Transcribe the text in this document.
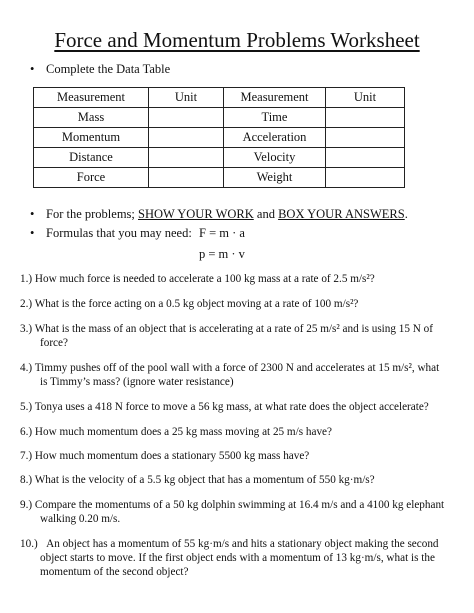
Force and Momentum Problems Worksheet
• Complete the Data Table
Measurement	Unit	Measurement	Unit
Mass		Time	
Momentum		Acceleration	
Distance		Velocity	
Force		Weight	
• For the problems; SHOW YOUR WORK and BOX YOUR ANSWERS.
• Formulas that you may need: F = m · a
p = m · v
1.) How much force is needed to accelerate a 100 kg mass at a rate of 2.5 m/s²?
2.) What is the force acting on a 0.5 kg object moving at a rate of 100 m/s²?
3.) What is the mass of an object that is accelerating at a rate of 25 m/s² and is using 15 N of
force?
4.) Timmy pushes off of the pool wall with a force of 2300 N and accelerates at 15 m/s², what
is Timmy’s mass? (ignore water resistance)
5.) Tonya uses a 418 N force to move a 56 kg mass, at what rate does the object accelerate?
6.) How much momentum does a 25 kg mass moving at 25 m/s have?
7.) How much momentum does a stationary 5500 kg mass have?
8.) What is the velocity of a 5.5 kg object that has a momentum of 550 kg·m/s?
9.) Compare the momentums of a 50 kg dolphin swimming at 16.4 m/s and a 4100 kg elephant
walking 0.20 m/s.
10.) An object has a momentum of 55 kg·m/s and hits a stationary object making the second
object starts to move. If the first object ends with a momentum of 13 kg·m/s, what is the
momentum of the second object?
